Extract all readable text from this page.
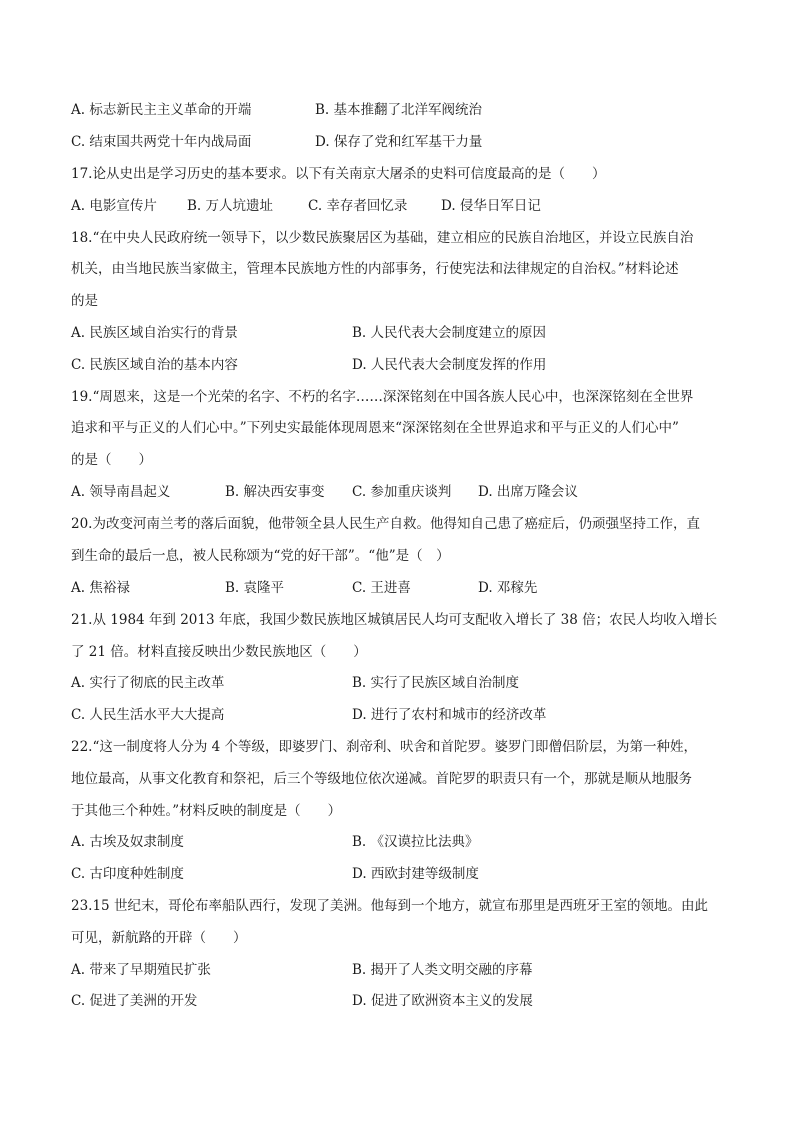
A. 标志新民主主义革命的开端	B. 基本推翻了北洋军阀统治
C. 结束国共两党十年内战局面	D. 保存了党和红军基干力量
17.论从史出是学习历史的基本要求。以下有关南京大屠杀的史料可信度最高的是（　　）
A. 电影宣传片 B. 万人坑遗址	C. 幸存者回忆录 D. 侵华日军日记
18.“在中央人民政府统一领导下，以少数民族聚居区为基础，建立相应的民族自治地区，并设立民族自治
机关，由当地民族当家做主，管理本民族地方性的内部事务，行使宪法和法律规定的自治权。”材料论述
的是
A. 民族区域自治实行的背景	B. 人民代表大会制度建立的原因
C. 民族区域自治的基本内容	D. 人民代表大会制度发挥的作用
19.“周恩来，这是一个光荣的名字、不朽的名字……深深铭刻在中国各族人民心中，也深深铭刻在全世界
追求和平与正义的人们心中。”下列史实最能体现周恩来“深深铭刻在全世界追求和平与正义的人们心中”
的是（　　）
A. 领导南昌起义	B. 解决西安事变 C. 参加重庆谈判 D. 出席万隆会议
20.为改变河南兰考的落后面貌，他带领全县人民生产自救。他得知自己患了癌症后，仍顽强坚持工作，直
到生命的最后一息，被人民称颂为“党的好干部”。“他”是（　）
A. 焦裕禄	B. 袁隆平	C. 王进喜	D. 邓稼先
21.从 1984 年到 2013 年底，我国少数民族地区城镇居民人均可支配收入增长了 38 倍；农民人均收入增长
了 21 倍。材料直接反映出少数民族地区（　　）
A. 实行了彻底的民主改革	B. 实行了民族区域自治制度
C. 人民生活水平大大提高	D. 进行了农村和城市的经济改革
22.“这一制度将人分为 4 个等级，即婆罗门、刹帝利、吠舍和首陀罗。婆罗门即僧侣阶层，为第一种姓，
地位最高，从事文化教育和祭祀，后三个等级地位依次递减。首陀罗的职责只有一个，那就是顺从地服务
于其他三个种姓。”材料反映的制度是（　　）
A. 古埃及奴隶制度	B. 《汉谟拉比法典》
C. 古印度种姓制度	D. 西欧封建等级制度
23.15 世纪末，哥伦布率船队西行，发现了美洲。他每到一个地方，就宣布那里是西班牙王室的领地。由此
可见，新航路的开辟（　　）
A. 带来了早期殖民扩张	B. 揭开了人类文明交融的序幕
C. 促进了美洲的开发	D. 促进了欧洲资本主义的发展
